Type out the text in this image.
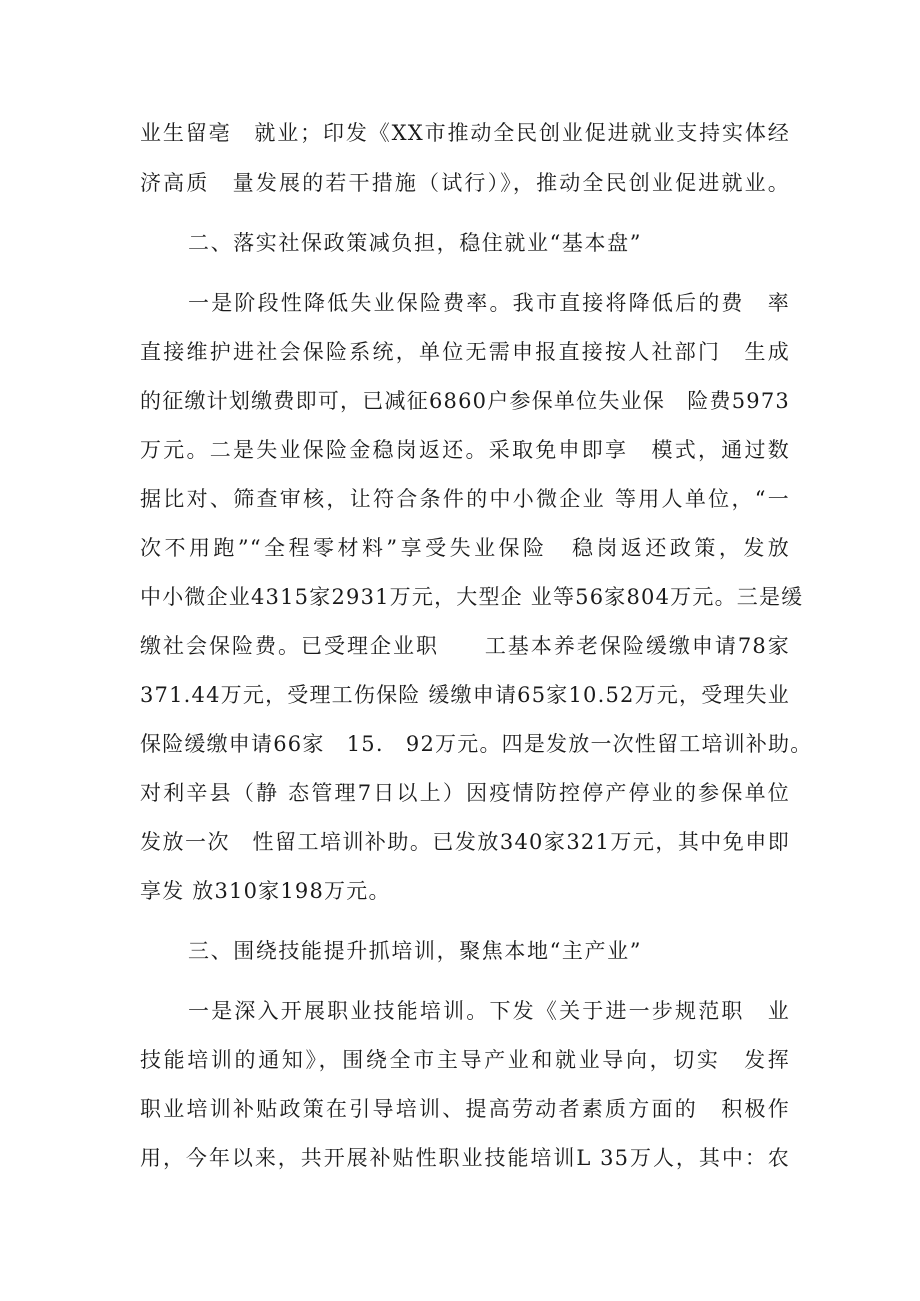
业生留亳　就业；印发《XX市推动全民创业促进就业支持实体经
济高质　量发展的若干措施（试行）》，推动全民创业促进就业。
二、落实社保政策减负担，稳住就业“基本盘”
一是阶段性降低失业保险费率。我市直接将降低后的费　率
直接维护进社会保险系统，单位无需申报直接按人社部门　生成
的征缴计划缴费即可，已减征6860户参保单位失业保　险费5973
万元。二是失业保险金稳岗返还。采取免申即享　模式，通过数
据比对、筛查审核，让符合条件的中小微企业 等用人单位，“一
次不用跑”“全程零材料”享受失业保险　稳岗返还政策，发放
中小微企业4315家2931万元，大型企 业等56家804万元。三是缓
缴社会保险费。已受理企业职　　工基本养老保险缓缴申请78家
371.44万元，受理工伤保险 缓缴申请65家10.52万元，受理失业
保险缓缴申请66家　15.　92万元。四是发放一次性留工培训补助。
对利辛县（静 态管理7日以上）因疫情防控停产停业的参保单位
发放一次　性留工培训补助。已发放340家321万元，其中免申即
享发 放310家198万元。
三、围绕技能提升抓培训，聚焦本地“主产业”
一是深入开展职业技能培训。下发《关于进一步规范职　业
技能培训的通知》，围绕全市主导产业和就业导向，切实　发挥
职业培训补贴政策在引导培训、提高劳动者素质方面的　积极作
用，今年以来，共开展补贴性职业技能培训L 35万人，其中：农
